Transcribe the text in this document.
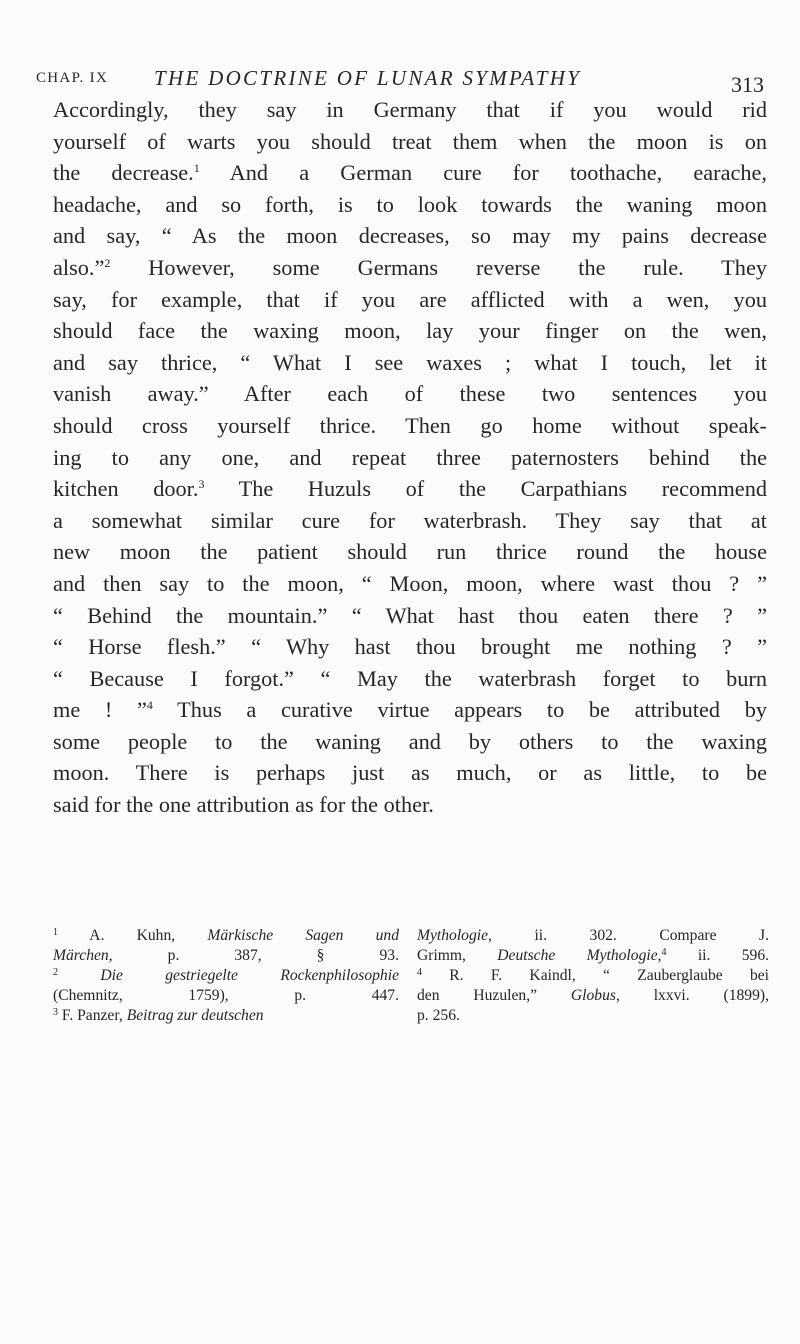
CHAP. IX THE DOCTRINE OF LUNAR SYMPATHY	313
Accordingly, they say in Germany that if you would rid
yourself of warts you should treat them when the moon is on
the decrease.$^1$ And a German cure for toothache, earache,
headache, and so forth, is to look towards the waning moon
and say, “ As the moon decreases, so may my pains decrease
also.”$^2$ However, some Germans reverse the rule. They
say, for example, that if you are afflicted with a wen, you
should face the waxing moon, lay your finger on the wen,
and say thrice, “ What I see waxes ; what I touch, let it
vanish away.” After each of these two sentences you
should cross yourself thrice. Then go home without speak-
ing to any one, and repeat three paternosters behind the
kitchen door.$^3$ The Huzuls of the Carpathians recommend
a somewhat similar cure for waterbrash. They say that at
new moon the patient should run thrice round the house
and then say to the moon, “ Moon, moon, where wast thou ? ”
“ Behind the mountain.” “ What hast thou eaten there ? ”
“ Horse flesh.” “ Why hast thou brought me nothing ? ”
“ Because I forgot.” “ May the waterbrash forget to burn
me ! ”$^4$ Thus a curative virtue appears to be attributed by
some people to the waning and by others to the waxing
moon. There is perhaps just as much, or as little, to be
said for the one attribution as for the other.
$^1$ A. Kuhn, Märkische Sagen und
Märchen, p. 387, § 93.
$^2$	Die gestriegelte Rockenphilosophie
(Chemnitz, 1759), p. 447.
$^3$ F. Panzer, Beitrag zur deutschen
Mythologie, ii. 302. Compare J.
Grimm, Deutsche Mythologie,$^4$ ii. 596.
$^4$ R. F. Kaindl, “ Zauberglaube bei
den Huzulen,” Globus, lxxvi. (1899),
p. 256.
